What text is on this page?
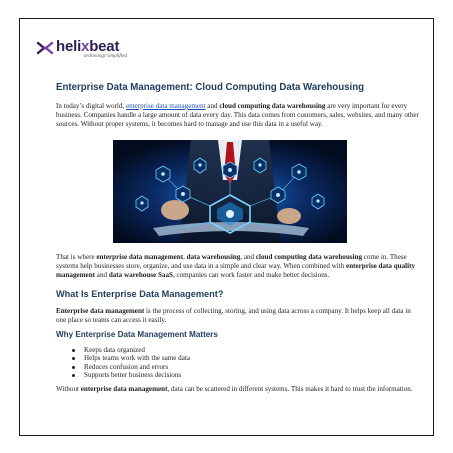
helixbeat
technology simplified
Enterprise Data Management: Cloud Computing Data Warehousing

In today’s digital world, enterprise data management and cloud computing data warehousing are very important for every business. Companies handle a large amount of data every day. This data comes from customers, sales, websites, and many other sources. Without proper systems, it becomes hard to manage and use this data in a useful way.

That is where enterprise data management, data warehousing, and cloud computing data warehousing come in. These systems help businesses store, organize, and use data in a simple and clear way. When combined with enterprise data quality management and data warehouse SaaS, companies can work faster and make better decisions.

What Is Enterprise Data Management?

Enterprise data management is the process of collecting, storing, and using data across a company. It helps keep all data in one place so teams can access it easily.

Why Enterprise Data Management Matters
Keeps data organized
Helps teams work with the same data
Reduces confusion and errors
Supports better business decisions

Without enterprise data management, data can be scattered in different systems. This makes it hard to trust the information.
